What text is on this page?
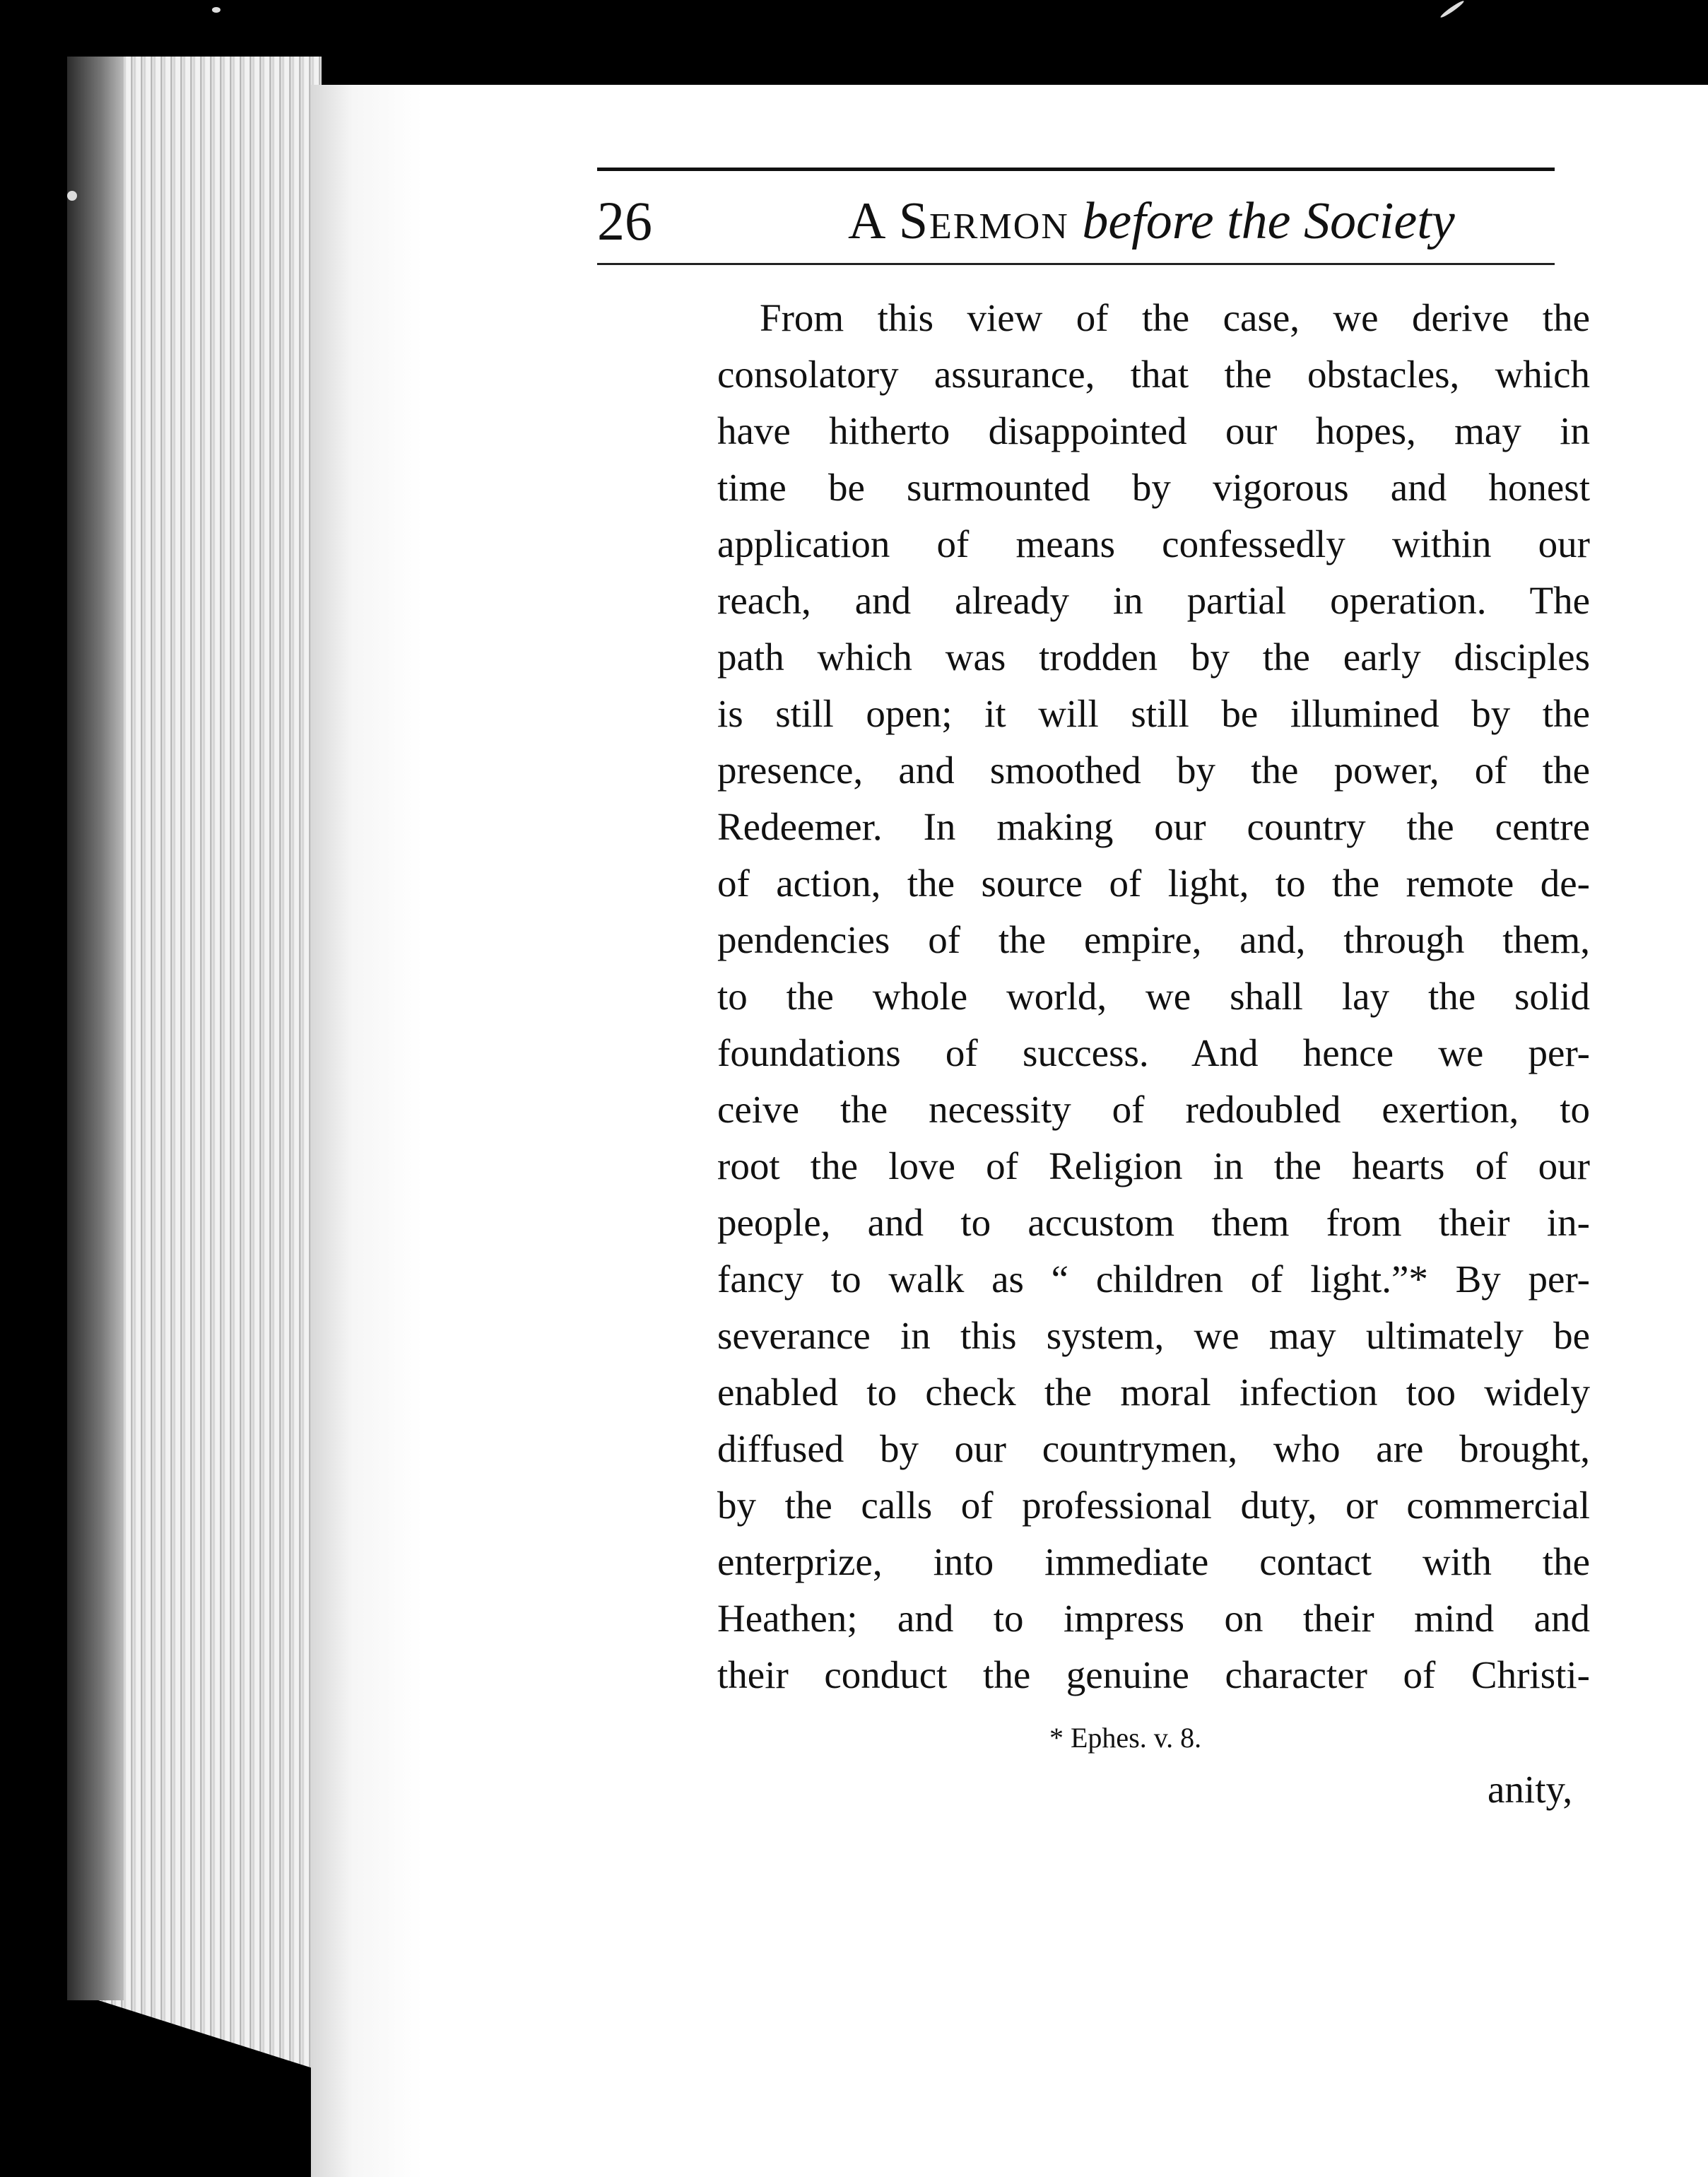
26	A Sermon before the Society
From this view of the case, we derive the
consolatory assurance, that the obstacles, which
have hitherto disappointed our hopes, may in
time be surmounted by vigorous and honest
application of means confessedly within our
reach, and already in partial operation. The
path which was trodden by the early disciples
is still open; it will still be illumined by the
presence, and smoothed by the power, of the
Redeemer. In making our country the centre
of action, the source of light, to the remote de-
pendencies of the empire, and, through them,
to the whole world, we shall lay the solid
foundations of success. And hence we per-
ceive the necessity of redoubled exertion, to
root the love of Religion in the hearts of our
people, and to accustom them from their in-
fancy to walk as “ children of light.”* By per-
severance in this system, we may ultimately be
enabled to check the moral infection too widely
diffused by our countrymen, who are brought,
by the calls of professional duty, or commercial
enterprize, into immediate contact with the
Heathen; and to impress on their mind and
their conduct the genuine character of Christi-
* Ephes. v. 8.
anity,
